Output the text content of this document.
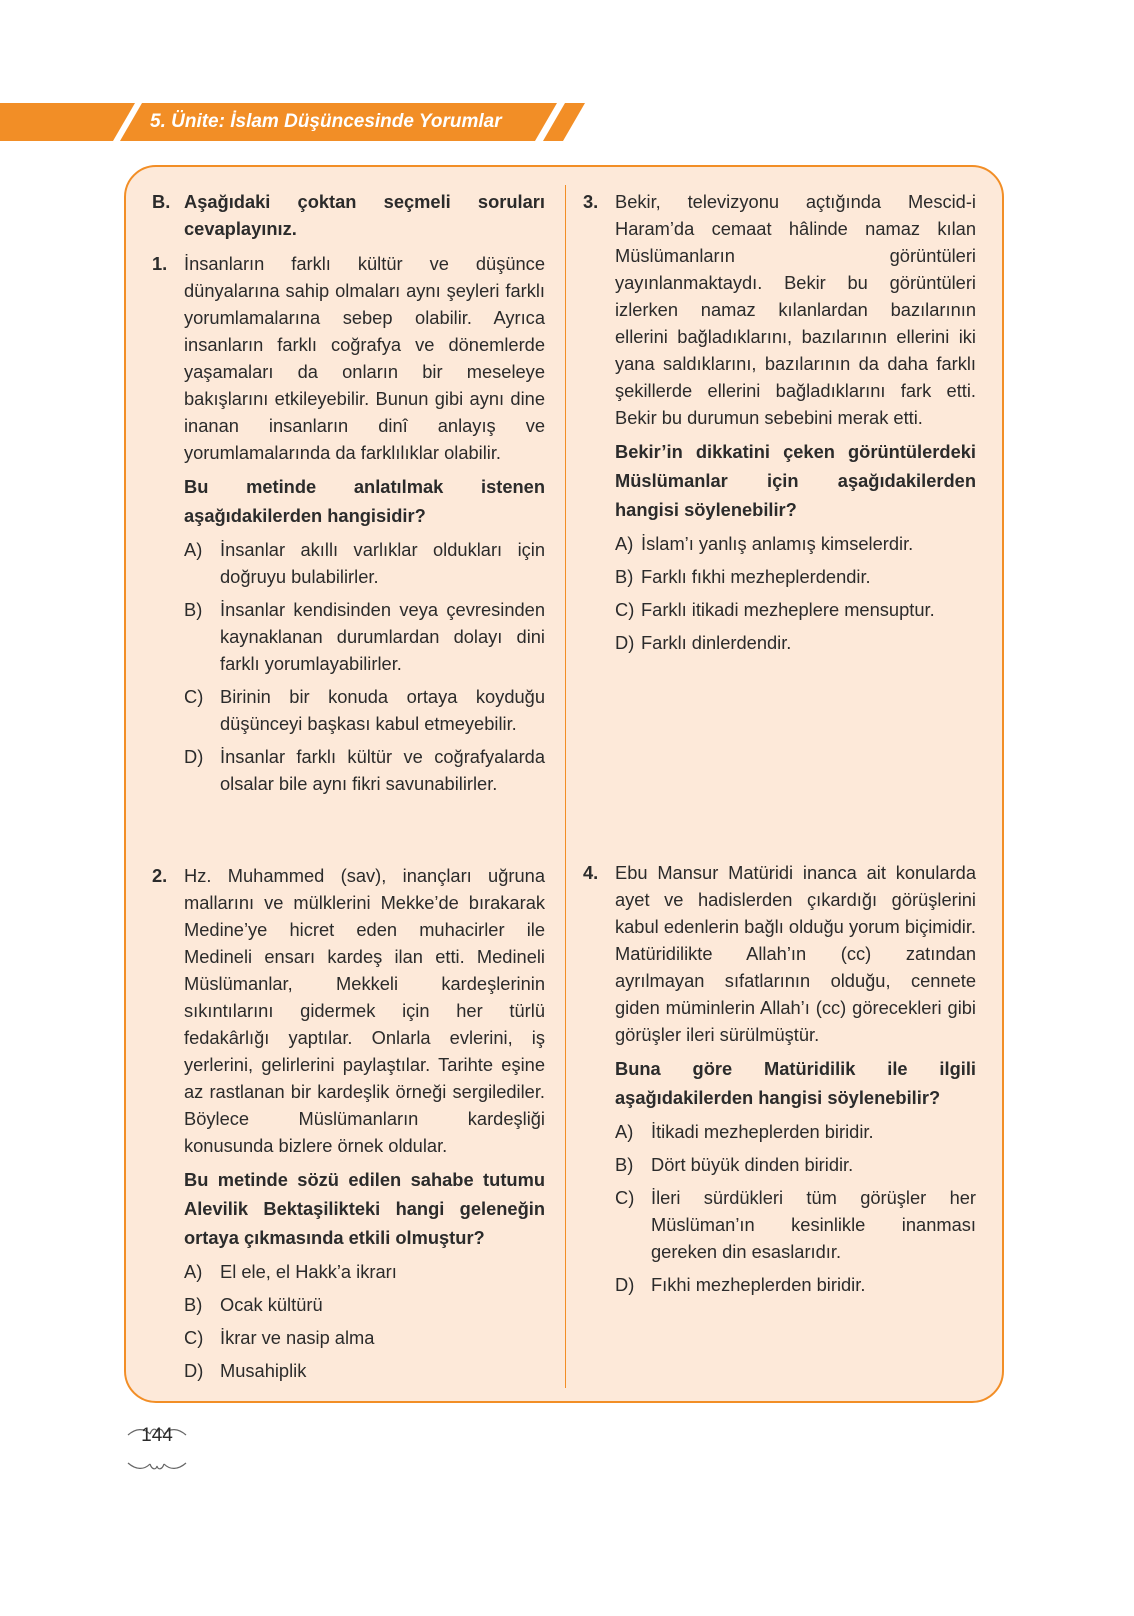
5. Ünite: İslam Düşüncesinde Yorumlar
B. Aşağıdaki çoktan seçmeli soruları cevaplayınız.
1. İnsanların farklı kültür ve düşünce dünyalarına sahip olmaları aynı şeyleri farklı yorumlamalarına sebep olabilir. Ayrıca insanların farklı coğrafya ve dönemlerde yaşamaları da onların bir meseleye bakışlarını etkileyebilir. Bunun gibi aynı dine inanan insanların dinî anlayış ve yorumlamalarında da farklılıklar olabilir.
Bu metinde anlatılmak istenen aşağıdakilerden hangisidir?
A) İnsanlar akıllı varlıklar oldukları için doğruyu bulabilirler.
B) İnsanlar kendisinden veya çevresinden kaynaklanan durumlardan dolayı dini farklı yorumlayabilirler.
C) Birinin bir konuda ortaya koyduğu düşünceyi başkası kabul etmeyebilir.
D) İnsanlar farklı kültür ve coğrafyalarda olsalar bile aynı fikri savunabilirler.
2. Hz. Muhammed (sav), inançları uğruna mallarını ve mülklerini Mekke’de bırakarak Medine’ye hicret eden muhacirler ile Medineli ensarı kardeş ilan etti. Medineli Müslümanlar, Mekkeli kardeşlerinin sıkıntılarını gidermek için her türlü fedakârlığı yaptılar. Onlarla evlerini, iş yerlerini, gelirlerini paylaştılar. Tarihte eşine az rastlanan bir kardeşlik örneği sergilediler. Böylece Müslümanların kardeşliği konusunda bizlere örnek oldular.
Bu metinde sözü edilen sahabe tutumu Alevilik Bektaşilikteki hangi geleneğin ortaya çıkmasında etkili olmuştur?
A) El ele, el Hakk’a ikrarı
B) Ocak kültürü
C) İkrar ve nasip alma
D) Musahiplik
3. Bekir, televizyonu açtığında Mescid-i Haram’da cemaat hâlinde namaz kılan Müslümanların görüntüleri yayınlanmaktaydı. Bekir bu görüntüleri izlerken namaz kılanlardan bazılarının ellerini bağladıklarını, bazılarının ellerini iki yana saldıklarını, bazılarının da daha farklı şekillerde ellerini bağladıklarını fark etti. Bekir bu durumun sebebini merak etti.
Bekir’in dikkatini çeken görüntülerdeki Müslümanlar için aşağıdakilerden hangisi söylenebilir?
A) İslam’ı yanlış anlamış kimselerdir.
B) Farklı fıkhi mezheplerdendir.
C) Farklı itikadi mezheplere mensuptur.
D) Farklı dinlerdendir.
4. Ebu Mansur Matüridi inanca ait konularda ayet ve hadislerden çıkardığı görüşlerini kabul edenlerin bağlı olduğu yorum biçimidir. Matüridilikte Allah’ın (cc) zatından ayrılmayan sıfatlarının olduğu, cennete giden müminlerin Allah’ı (cc) görecekleri gibi görüşler ileri sürülmüştür.
Buna göre Matüridilik ile ilgili aşağıdakilerden hangisi söylenebilir?
A) İtikadi mezheplerden biridir.
B) Dört büyük dinden biridir.
C) İleri sürdükleri tüm görüşler her Müslüman’ın kesinlikle inanması gereken din esaslarıdır.
D) Fıkhi mezheplerden biridir.
144
